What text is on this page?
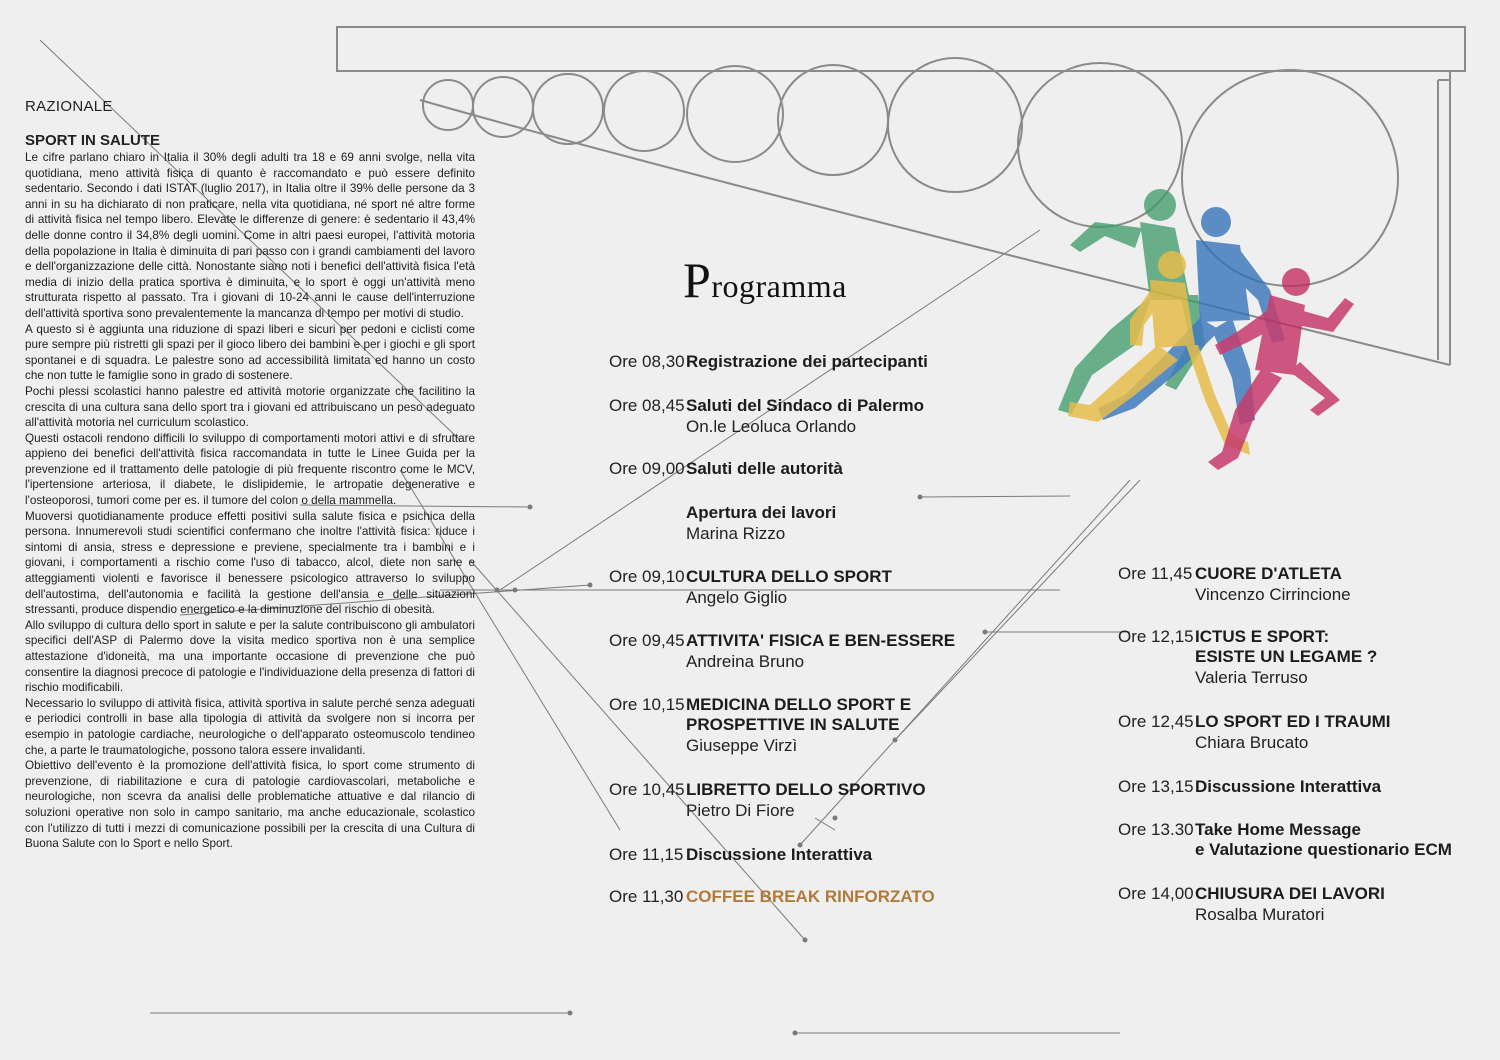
RAZIONALE
SPORT IN SALUTE

Le cifre parlano chiaro in Italia il 30% degli adulti tra 18 e 69 anni svolge, nella vita quotidiana, meno attività fisica di quanto è raccomandato e può essere definito sedentario. Secondo i dati ISTAT (luglio 2017), in Italia oltre il 39% delle persone da 3 anni in su ha dichiarato di non praticare, nella vita quotidiana, né sport né altre forme di attività fisica nel tempo libero. Elevate le differenze di genere: è sedentario il 43,4% delle donne contro il 34,8% degli uomini. Come in altri paesi europei, l'attività motoria della popolazione in Italia è diminuita di pari passo con i grandi cambiamenti del lavoro e dell'organizzazione delle città. Nonostante siano noti i benefici dell'attività fisica l'età media di inizio della pratica sportiva è diminuita, e lo sport è oggi un'attività meno strutturata rispetto al passato. Tra i giovani di 10-24 anni le cause dell'interruzione dell'attività sportiva sono prevalentemente la mancanza di tempo per motivi di studio.

A questo si è aggiunta una riduzione di spazi liberi e sicuri per pedoni e ciclisti come pure sempre più ristretti gli spazi per il gioco libero dei bambini e per i giochi e gli sport spontanei e di squadra. Le palestre sono ad accessibilità limitata ed hanno un costo che non tutte le famiglie sono in grado di sostenere.

Pochi plessi scolastici hanno palestre ed attività motorie organizzate che facilitino la crescita di una cultura sana dello sport tra i giovani ed attribuiscano un peso adeguato all'attività motoria nel curriculum scolastico.

Questi ostacoli rendono difficili lo sviluppo di comportamenti motori attivi e di sfruttare appieno dei benefici dell'attività fisica raccomandata in tutte le Linee Guida per la prevenzione ed il trattamento delle patologie di più frequente riscontro come le MCV, l'ipertensione arteriosa, il diabete, le dislipidemie, le artropatie degenerative e l'osteoporosi, tumori come per es. il tumore del colon o della mammella.

Muoversi quotidianamente produce effetti positivi sulla salute fisica e psichica della persona. Innumerevoli studi scientifici confermano che inoltre l'attività fisica: riduce i sintomi di ansia, stress e depressione e previene, specialmente tra i bambini e i giovani, i comportamenti a rischio come l'uso di tabacco, alcol, diete non sane e atteggiamenti violenti e favorisce il benessere psicologico attraverso lo sviluppo dell'autostima, dell'autonomia e facilità la gestione dell'ansia e delle situazioni stressanti, produce dispendio energetico e la diminuzione del rischio di obesità.

Allo sviluppo di cultura dello sport in salute e per la salute contribuiscono gli ambulatori specifici dell'ASP di Palermo dove la visita medico sportiva non è una semplice attestazione d'idoneità, ma una importante occasione di prevenzione che può consentire la diagnosi precoce di patologie e l'individuazione della presenza di fattori di rischio modificabili.

Necessario lo sviluppo di attività fisica, attività sportiva in salute perché senza adeguati e periodici controlli in base alla tipologia di attività da svolgere non si incorra per esempio in patologie cardiache, neurologiche o dell'apparato osteomuscolo tendineo che, a parte le traumatologiche, possono talora essere invalidanti.

Obiettivo dell'evento è la promozione dell'attività fisica, lo sport come strumento di prevenzione, di riabilitazione e cura di patologie cardiovascolari, metaboliche e neurologiche, non scevra da analisi delle problematiche attuative e dal rilancio di soluzioni operative non solo in campo sanitario, ma anche educazionale, scolastico con l'utilizzo di tutti i mezzi di comunicazione possibili per la crescita di una Cultura di Buona Salute con lo Sport e nello Sport.

Programma
Ore 08,30 Registrazione dei partecipanti
Ore 08,45 Saluti del Sindaco di Palermo
On.le Leoluca Orlando
Ore 09,00 Saluti delle autorità
Apertura dei lavori
Marina Rizzo
Ore 09,10 CULTURA DELLO SPORT
Angelo Giglio
Ore 09,45 ATTIVITA' FISICA E BEN-ESSERE
Andreina Bruno
Ore 10,15 MEDICINA DELLO SPORT E
PROSPETTIVE IN SALUTE
Giuseppe Virzì
Ore 10,45 LIBRETTO DELLO SPORTIVO
Pietro Di Fiore
Ore 11,15 Discussione Interattiva
Ore 11,30 COFFEE BREAK RINFORZATO
Ore 11,45 CUORE D'ATLETA
Vincenzo Cirrincione
Ore 12,15 ICTUS E SPORT:
ESISTE UN LEGAME ?
Valeria Terruso
Ore 12,45 LO SPORT ED I TRAUMI
Chiara Brucato
Ore 13,15 Discussione Interattiva
Ore 13.30 Take Home Message
e Valutazione questionario ECM
Ore 14,00 CHIUSURA DEI LAVORI
Rosalba Muratori
